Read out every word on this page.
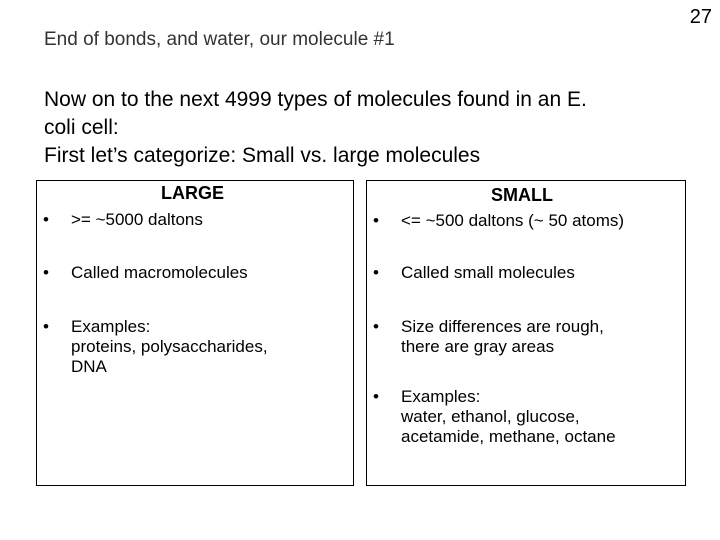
27
End of bonds, and water, our molecule #1
Now on to the next 4999 types of molecules found in an E.
coli cell:
First let’s categorize: Small vs. large molecules
LARGE
• >= ~5000 daltons
• Called macromolecules
• Examples:
proteins, polysaccharides,
DNA
SMALL
• <= ~500 daltons (~ 50 atoms)
• Called small molecules
• Size differences are rough,
there are gray areas
• Examples:
water, ethanol, glucose,
acetamide, methane, octane
